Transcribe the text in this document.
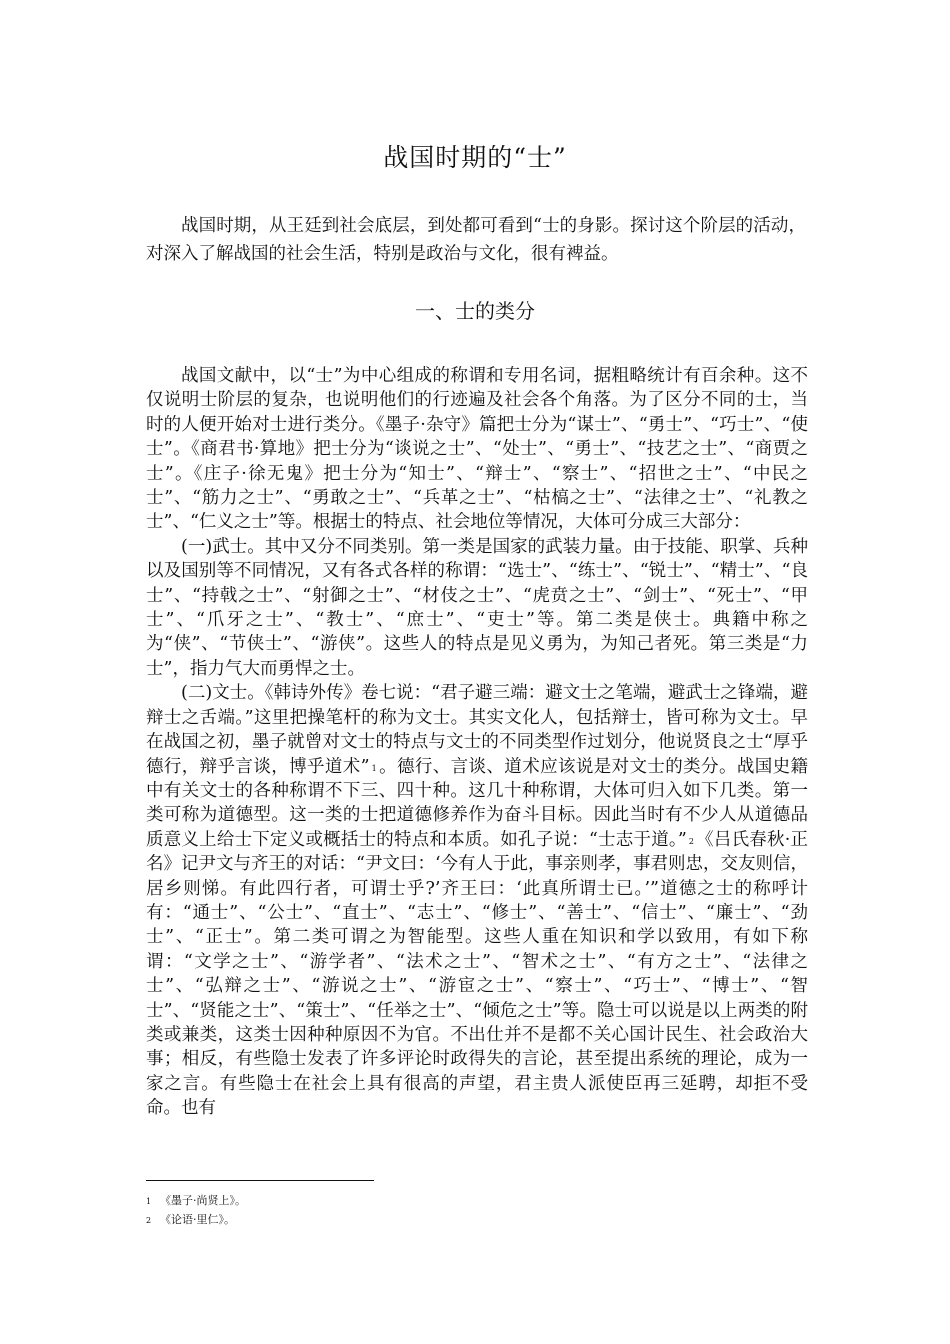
战国时期的“士”

战国时期，从王廷到社会底层，到处都可看到“士的身影。探讨这个阶层的活动，对深入了解战国的社会生活，特别是政治与文化，很有裨益。

一、士的类分

战国文献中，以“士”为中心组成的称谓和专用名词，据粗略统计有百余种。这不仅说明士阶层的复杂，也说明他们的行迹遍及社会各个角落。为了区分不同的士，当时的人便开始对士进行类分。《墨子·杂守》篇把士分为“谋士”、“勇士”、“巧士”、“使士”。《商君书·算地》把士分为“谈说之士”、“处士”、“勇士”、“技艺之士”、“商贾之士”。《庄子·徐无鬼》把士分为“知士”、“辩士”、“察士”、“招世之士”、“中民之士”、“筋力之士”、“勇敢之士”、“兵革之士”、“枯槁之士”、“法律之士”、“礼教之士”、“仁义之士”等。根据士的特点、社会地位等情况，大体可分成三大部分：

(一)武士。其中又分不同类别。第一类是国家的武装力量。由于技能、职掌、兵种以及国别等不同情况，又有各式各样的称谓：“选士”、“练士”、“锐士”、“精士”、“良士”、“持戟之士”、“射御之士”、“材伎之士”、“虎贲之士”、“剑士”、“死士”、“甲士”、“爪牙之士”、“教士”、“庶士”、“吏士”等。第二类是侠士。典籍中称之为“侠”、“节侠士”、“游侠”。这些人的特点是见义勇为，为知己者死。第三类是“力士”，指力气大而勇悍之士。

(二)文士。《韩诗外传》卷七说：“君子避三端：避文士之笔端，避武士之锋端，避辩士之舌端。”这里把操笔杆的称为文士。其实文化人，包括辩士，皆可称为文士。早在战国之初，墨子就曾对文士的特点与文士的不同类型作过划分，他说贤良之士“厚乎德行，辩乎言谈，博乎道术” $^1$ 。德行、言谈、道术应该说是对文士的类分。战国史籍中有关文士的各种称谓不下三、四十种。这几十种称谓，大体可归入如下几类。第一类可称为道德型。这一类的士把道德修养作为奋斗目标。因此当时有不少人从道德品质意义上给士下定义或概括士的特点和本质。如孔子说：“士志于道。” $^2$ 《吕氏春秋·正名》记尹文与齐王的对话：“尹文曰：‘今有人于此，事亲则孝，事君则忠，交友则信，居乡则悌。有此四行者，可谓士乎?’齐王曰：‘此真所谓士已。’”道德之士的称呼计有：“通士”、“公士”、“直士”、“志士”、“修士”、“善士”、“信士”、“廉士”、“劲士”、“正士”。第二类可谓之为智能型。这些人重在知识和学以致用，有如下称谓：“文学之士”、“游学者”、“法术之士”、“智术之士”、“有方之士”、“法律之士”、“弘辩之士”、“游说之士”、“游宦之士”、“察士”、“巧士”、“博士”、“智士”、“贤能之士”、“策士”、“任举之士”、“倾危之士”等。隐士可以说是以上两类的附类或兼类，这类士因种种原因不为官。不出仕并不是都不关心国计民生、社会政治大事；相反，有些隐士发表了许多评论时政得失的言论，甚至提出系统的理论，成为一家之言。有些隐士在社会上具有很高的声望，君主贵人派使臣再三延聘，却拒不受命。也有

1 《墨子·尚贤上》。
2 《论语·里仁》。
